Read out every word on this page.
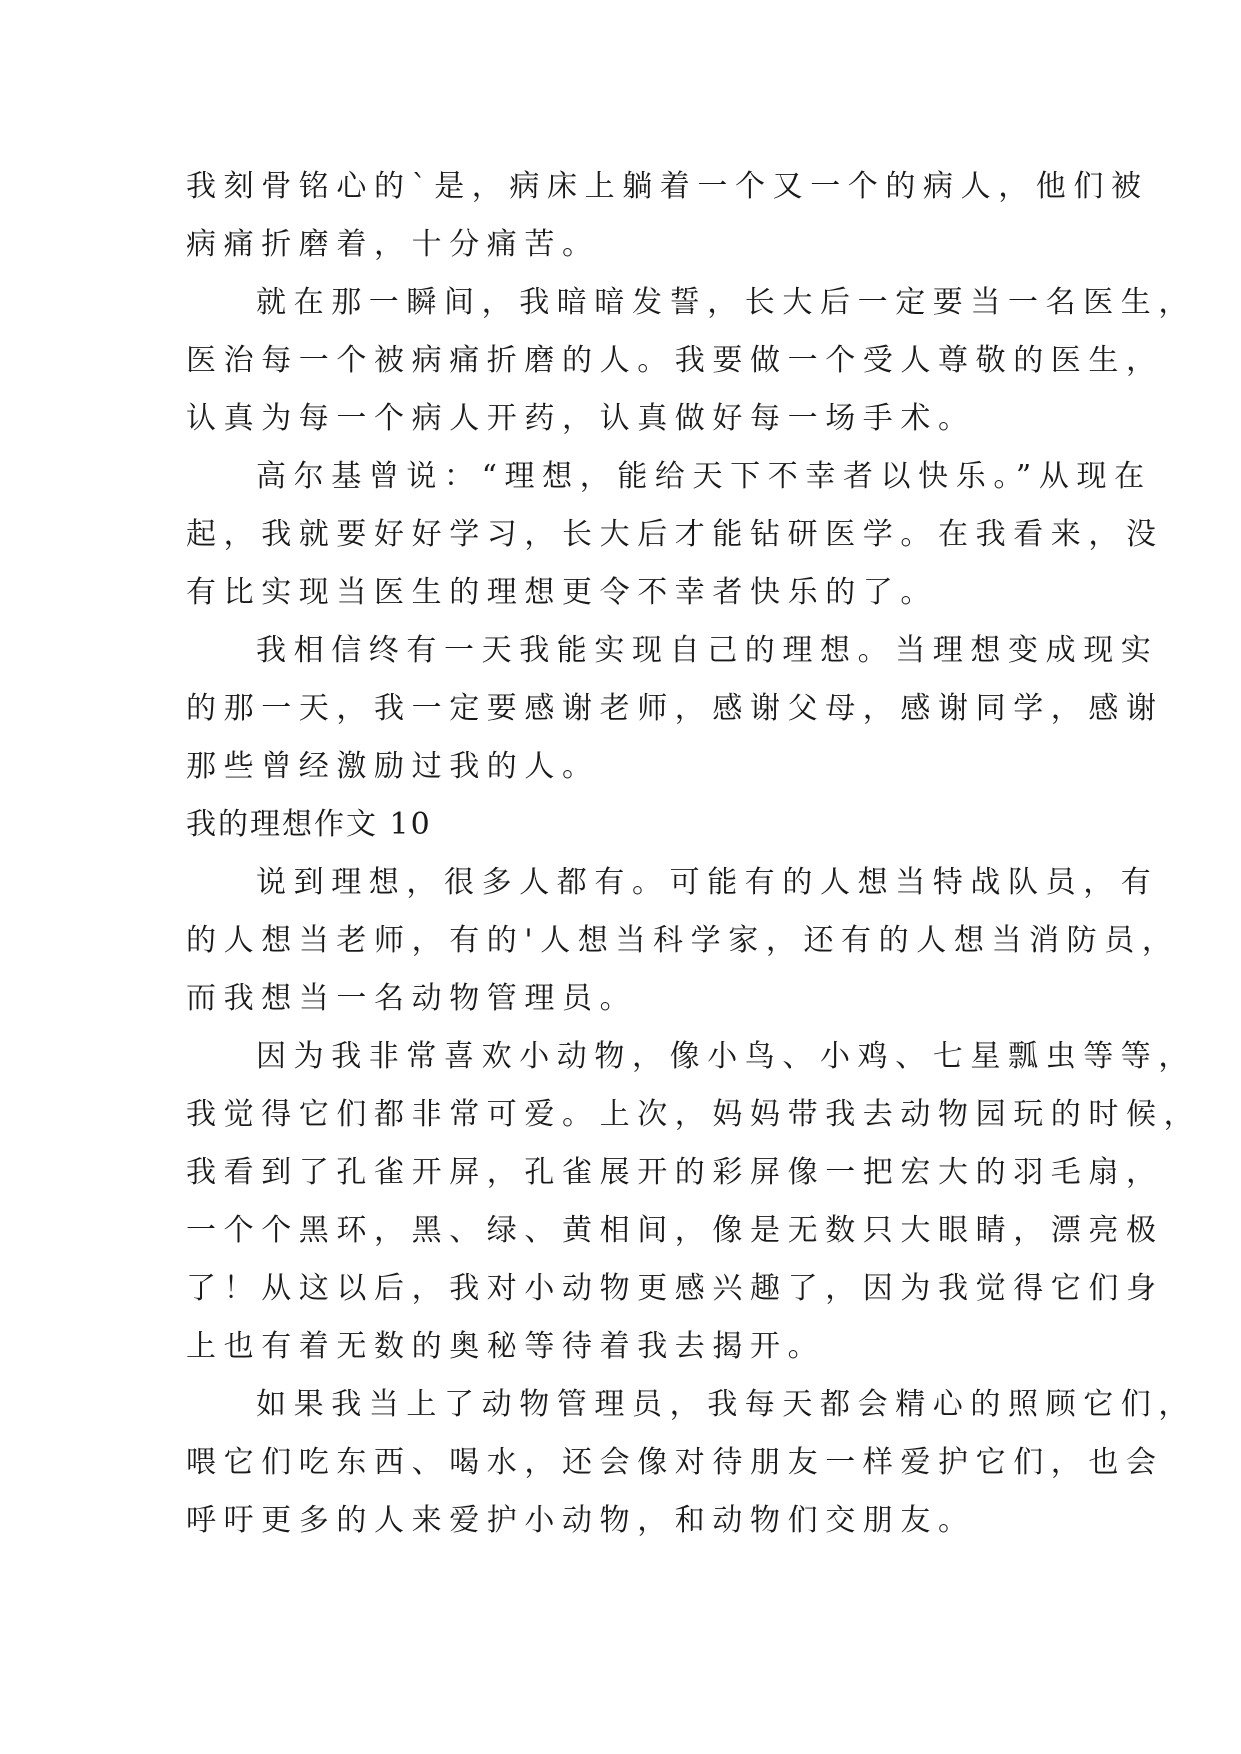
我刻骨铭心的`是，病床上躺着一个又一个的病人，他们被
病痛折磨着，十分痛苦。
就在那一瞬间，我暗暗发誓，长大后一定要当一名医生，
医治每一个被病痛折磨的人。我要做一个受人尊敬的医生，
认真为每一个病人开药，认真做好每一场手术。
高尔基曾说：“理想，能给天下不幸者以快乐。”从现在
起，我就要好好学习，长大后才能钻研医学。在我看来，没
有比实现当医生的理想更令不幸者快乐的了。
我相信终有一天我能实现自己的理想。当理想变成现实
的那一天，我一定要感谢老师，感谢父母，感谢同学，感谢
那些曾经激励过我的人。
我的理想作文 10
说到理想，很多人都有。可能有的人想当特战队员，有
的人想当老师，有的'人想当科学家，还有的人想当消防员，
而我想当一名动物管理员。
因为我非常喜欢小动物，像小鸟、小鸡、七星瓢虫等等，
我觉得它们都非常可爱。上次，妈妈带我去动物园玩的时候，
我看到了孔雀开屏，孔雀展开的彩屏像一把宏大的羽毛扇，
一个个黑环，黑、绿、黄相间，像是无数只大眼睛，漂亮极
了！从这以后，我对小动物更感兴趣了，因为我觉得它们身
上也有着无数的奥秘等待着我去揭开。
如果我当上了动物管理员，我每天都会精心的照顾它们，
喂它们吃东西、喝水，还会像对待朋友一样爱护它们，也会
呼吁更多的人来爱护小动物，和动物们交朋友。
